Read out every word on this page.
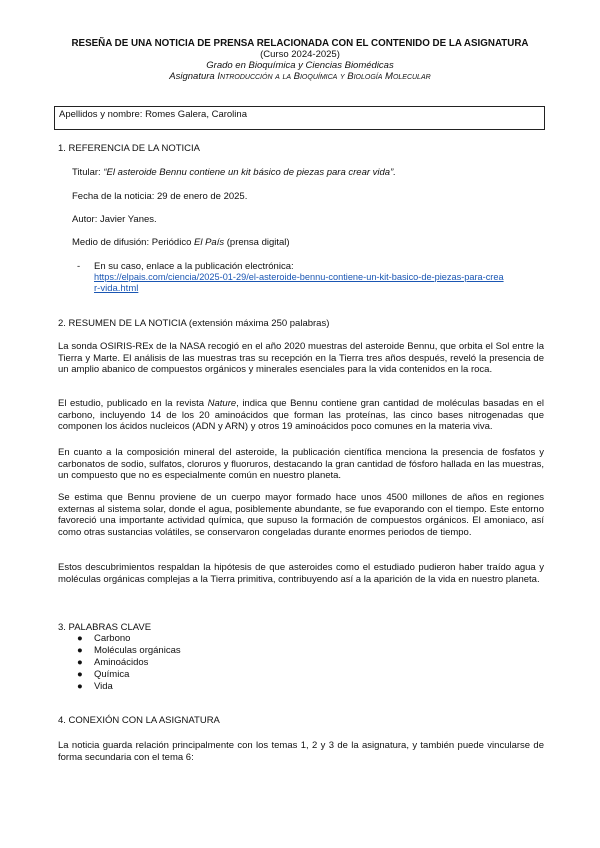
RESEÑA DE UNA NOTICIA DE PRENSA RELACIONADA CON EL CONTENIDO DE LA ASIGNATURA
(Curso 2024-2025)
Grado en Bioquímica y Ciencias Biomédicas
Asignatura Introducción a la Bioquímica y Biología Molecular
Apellidos y nombre: Romes Galera, Carolina
1. REFERENCIA DE LA NOTICIA
Titular: “El asteroide Bennu contiene un kit básico de piezas para crear vida”.
Fecha de la noticia: 29 de enero de 2025.
Autor: Javier Yanes.
Medio de difusión: Periódico El País (prensa digital)
- En su caso, enlace a la publicación electrónica:
https://elpais.com/ciencia/2025-01-29/el-asteroide-bennu-contiene-un-kit-basico-de-piezas-para-crea
r-vida.html
2. RESUMEN DE LA NOTICIA (extensión máxima 250 palabras)
La sonda OSIRIS-REx de la NASA recogió en el año 2020 muestras del asteroide Bennu, que orbita el Sol entre la Tierra y Marte. El análisis de las muestras tras su recepción en la Tierra tres años después, reveló la presencia de un amplio abanico de compuestos orgánicos y minerales esenciales para la vida contenidos en la roca.
El estudio, publicado en la revista Nature, indica que Bennu contiene gran cantidad de moléculas basadas en el carbono, incluyendo 14 de los 20 aminoácidos que forman las proteínas, las cinco bases nitrogenadas que componen los ácidos nucleicos (ADN y ARN) y otros 19 aminoácidos poco comunes en la materia viva.
En cuanto a la composición mineral del asteroide, la publicación científica menciona la presencia de fosfatos y carbonatos de sodio, sulfatos, cloruros y fluoruros, destacando la gran cantidad de fósforo hallada en las muestras, un compuesto que no es especialmente común en nuestro planeta.
Se estima que Bennu proviene de un cuerpo mayor formado hace unos 4500 millones de años en regiones externas al sistema solar, donde el agua, posiblemente abundante, se fue evaporando con el tiempo. Este entorno favoreció una importante actividad química, que supuso la formación de compuestos orgánicos. El amoniaco, así como otras sustancias volátiles, se conservaron congeladas durante enormes periodos de tiempo.
Estos descubrimientos respaldan la hipótesis de que asteroides como el estudiado pudieron haber traído agua y moléculas orgánicas complejas a la Tierra primitiva, contribuyendo así a la aparición de la vida en nuestro planeta.
3. PALABRAS CLAVE
● Carbono
● Moléculas orgánicas
● Aminoácidos
● Química
● Vida
4. CONEXIÓN CON LA ASIGNATURA
La noticia guarda relación principalmente con los temas 1, 2 y 3 de la asignatura, y también puede vincularse de forma secundaria con el tema 6:
